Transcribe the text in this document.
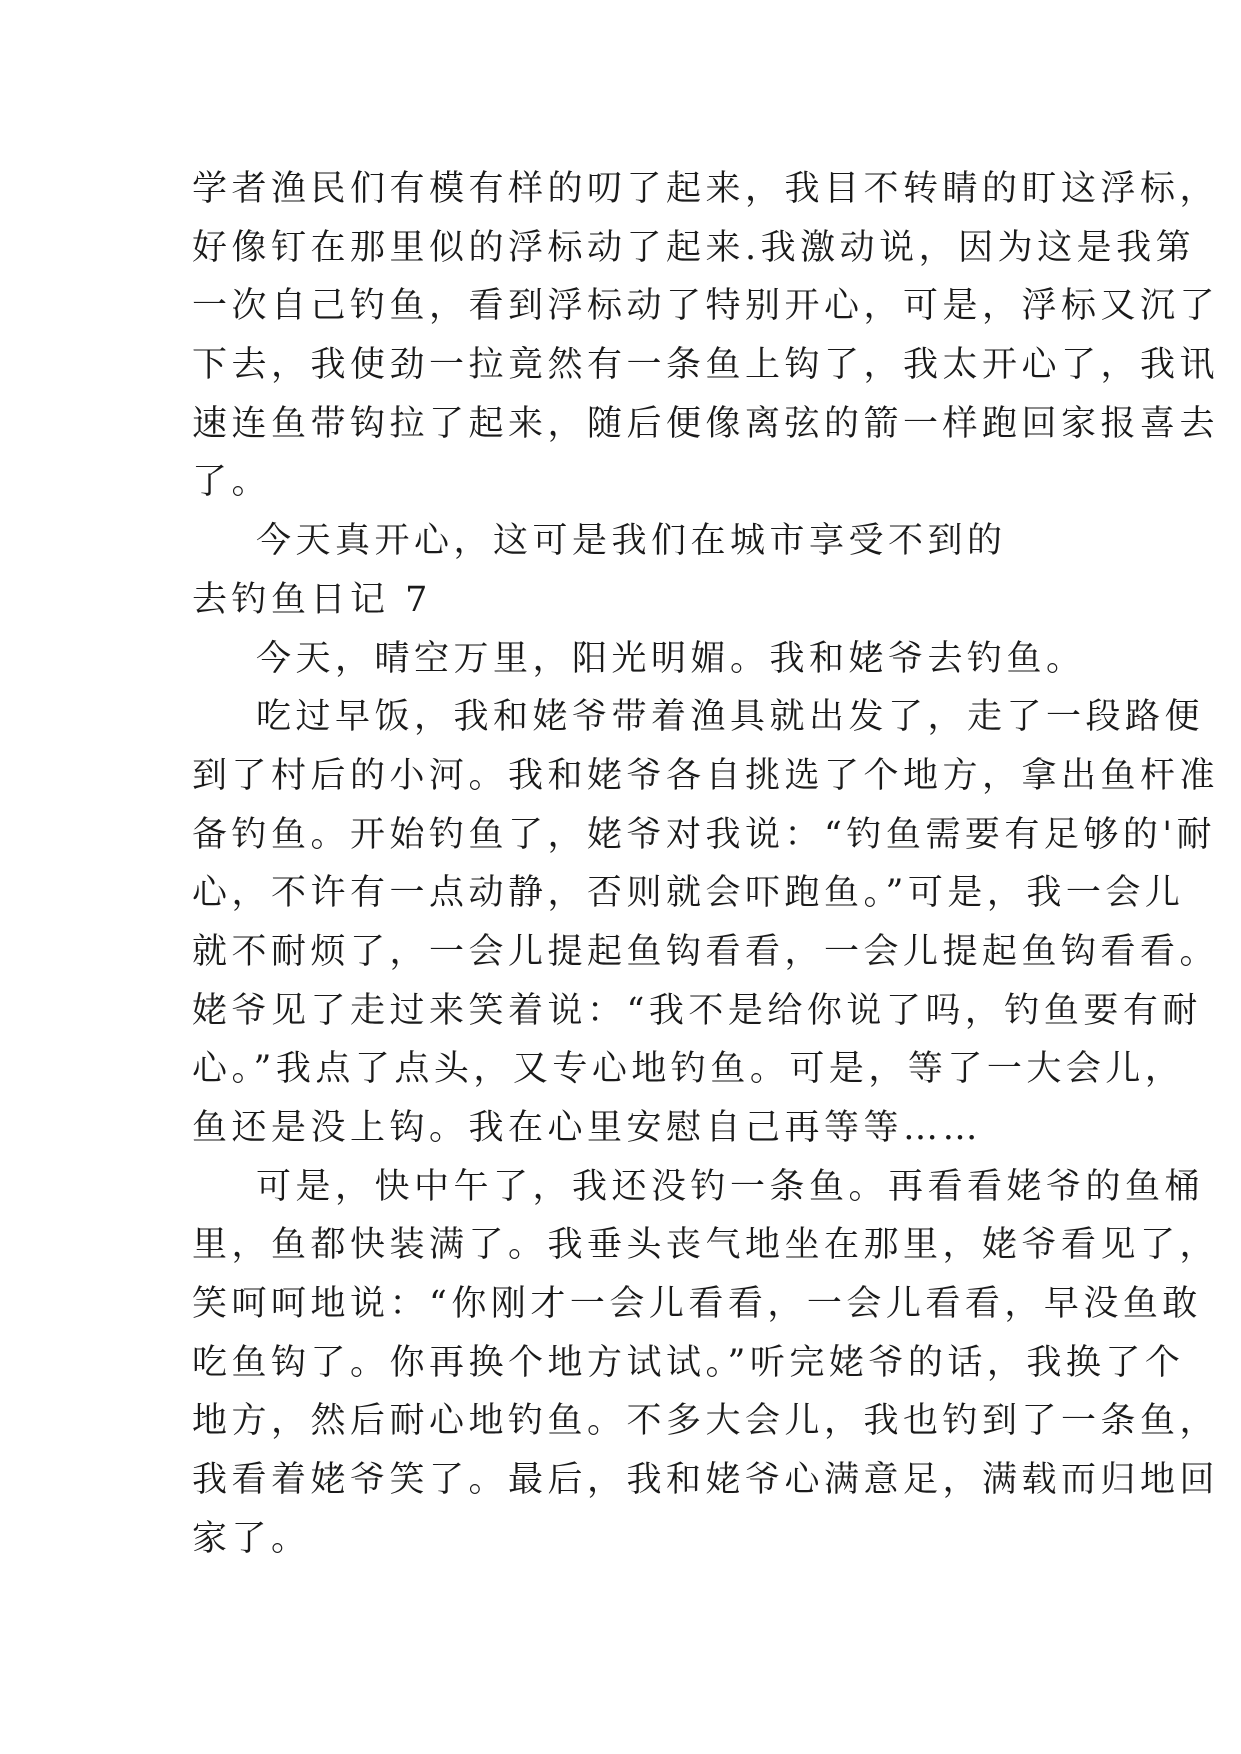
学者渔民们有模有样的叨了起来，我目不转睛的盯这浮标，
好像钉在那里似的浮标动了起来.我激动说，因为这是我第
一次自己钓鱼，看到浮标动了特别开心，可是，浮标又沉了
下去，我使劲一拉竟然有一条鱼上钩了，我太开心了，我讯
速连鱼带钩拉了起来，随后便像离弦的箭一样跑回家报喜去
了。
今天真开心，这可是我们在城市享受不到的
去钓鱼日记 7
今天，晴空万里，阳光明媚。我和姥爷去钓鱼。
吃过早饭，我和姥爷带着渔具就出发了，走了一段路便
到了村后的小河。我和姥爷各自挑选了个地方，拿出鱼杆准
备钓鱼。开始钓鱼了，姥爷对我说：“钓鱼需要有足够的'耐
心，不许有一点动静，否则就会吓跑鱼。”可是，我一会儿
就不耐烦了，一会儿提起鱼钩看看，一会儿提起鱼钩看看。
姥爷见了走过来笑着说：“我不是给你说了吗，钓鱼要有耐
心。”我点了点头，又专心地钓鱼。可是，等了一大会儿，
鱼还是没上钩。我在心里安慰自己再等等……
可是，快中午了，我还没钓一条鱼。再看看姥爷的鱼桶
里，鱼都快装满了。我垂头丧气地坐在那里，姥爷看见了，
笑呵呵地说：“你刚才一会儿看看，一会儿看看，早没鱼敢
吃鱼钩了。你再换个地方试试。”听完姥爷的话，我换了个
地方，然后耐心地钓鱼。不多大会儿，我也钓到了一条鱼，
我看着姥爷笑了。最后，我和姥爷心满意足，满载而归地回
家了。
